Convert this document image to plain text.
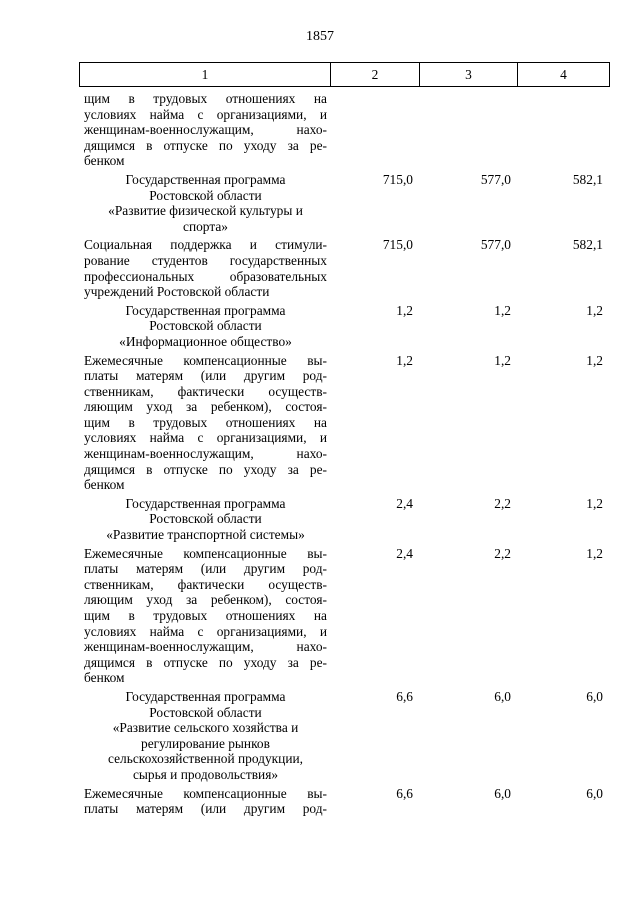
1857
1	2	3	4
щим в трудовых отношениях на
условиях найма с организациями, и
женщинам-военнослужащим, нахо-
дящимся в отпуске по уходу за ре-
бенком
Государственная программа
Ростовской области
«Развитие физической культуры и
спорта»
715,0	577,0	582,1
Социальная поддержка и стимули-
рование студентов государственных
профессиональных образовательных
учреждений Ростовской области
715,0	577,0	582,1
Государственная программа
Ростовской области
«Информационное общество»
1,2	1,2	1,2
Ежемесячные компенсационные вы-
платы матерям (или другим род-
ственникам, фактически осуществ-
ляющим уход за ребенком), состоя-
щим в трудовых отношениях на
условиях найма с организациями, и
женщинам-военнослужащим, нахо-
дящимся в отпуске по уходу за ре-
бенком
1,2	1,2	1,2
Государственная программа
Ростовской области
«Развитие транспортной системы»
2,4	2,2	1,2
Ежемесячные компенсационные вы-
платы матерям (или другим род-
ственникам, фактически осуществ-
ляющим уход за ребенком), состоя-
щим в трудовых отношениях на
условиях найма с организациями, и
женщинам-военнослужащим, нахо-
дящимся в отпуске по уходу за ре-
бенком
2,4	2,2	1,2
Государственная программа
Ростовской области
«Развитие сельского хозяйства и
регулирование рынков
сельскохозяйственной продукции,
сырья и продовольствия»
6,6	6,0	6,0
Ежемесячные компенсационные вы-
платы матерям (или другим род-
6,6	6,0	6,0
